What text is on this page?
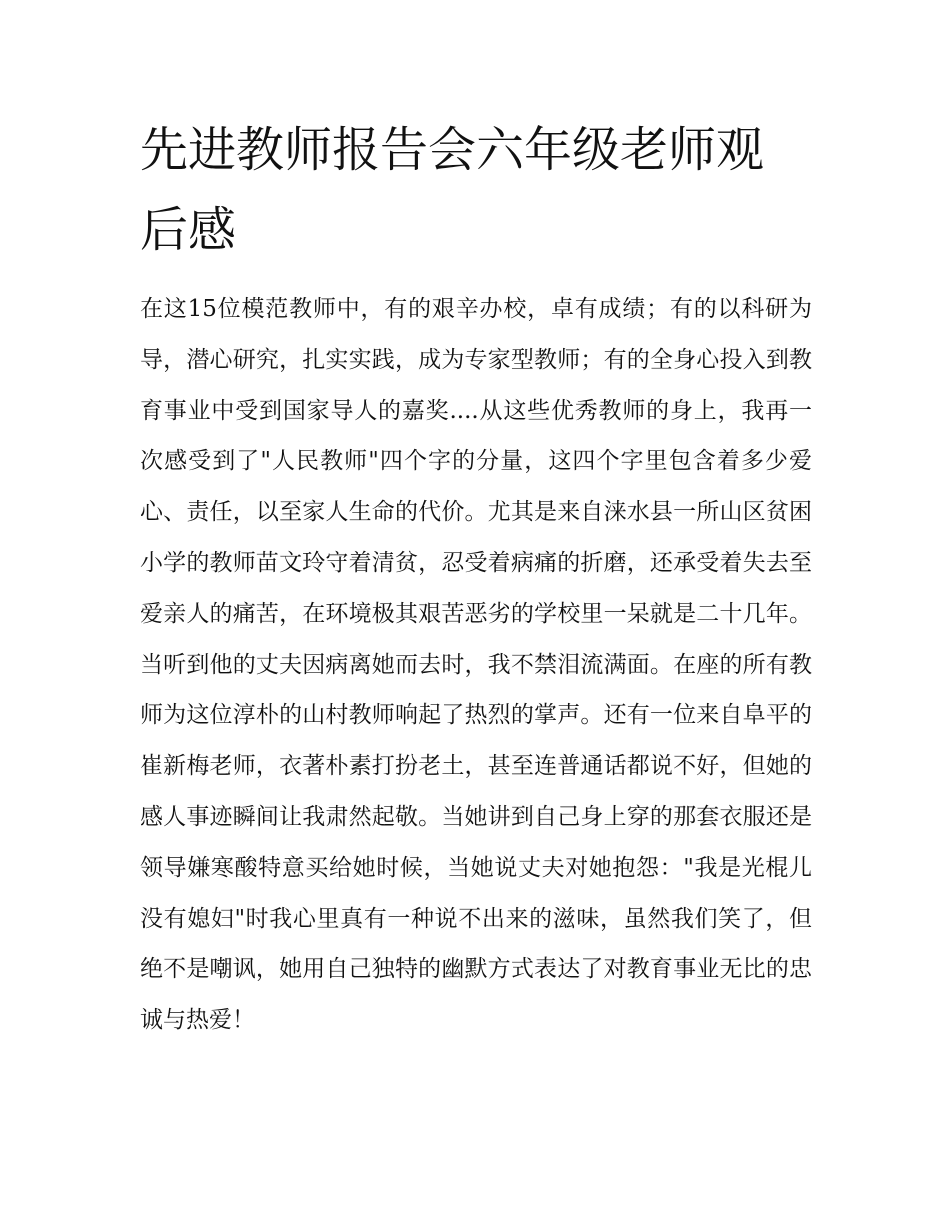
先进教师报告会六年级老师观后感

在这15位模范教师中，有的艰辛办校，卓有成绩；有的以科研为导，潜心研究，扎实实践，成为专家型教师；有的全身心投入到教育事业中受到国家导人的嘉奖....从这些优秀教师的身上，我再一次感受到了"人民教师"四个字的分量，这四个字里包含着多少爱心、责任，以至家人生命的代价。尤其是来自涞水县一所山区贫困小学的教师苗文玲守着清贫，忍受着病痛的折磨，还承受着失去至爱亲人的痛苦，在环境极其艰苦恶劣的学校里一呆就是二十几年。当听到他的丈夫因病离她而去时，我不禁泪流满面。在座的所有教师为这位淳朴的山村教师响起了热烈的掌声。还有一位来自阜平的崔新梅老师，衣著朴素打扮老土，甚至连普通话都说不好，但她的感人事迹瞬间让我肃然起敬。当她讲到自己身上穿的那套衣服还是领导嫌寒酸特意买给她时候，当她说丈夫对她抱怨："我是光棍儿没有媳妇"时我心里真有一种说不出来的滋味，虽然我们笑了，但绝不是嘲讽，她用自己独特的幽默方式表达了对教育事业无比的忠诚与热爱！
